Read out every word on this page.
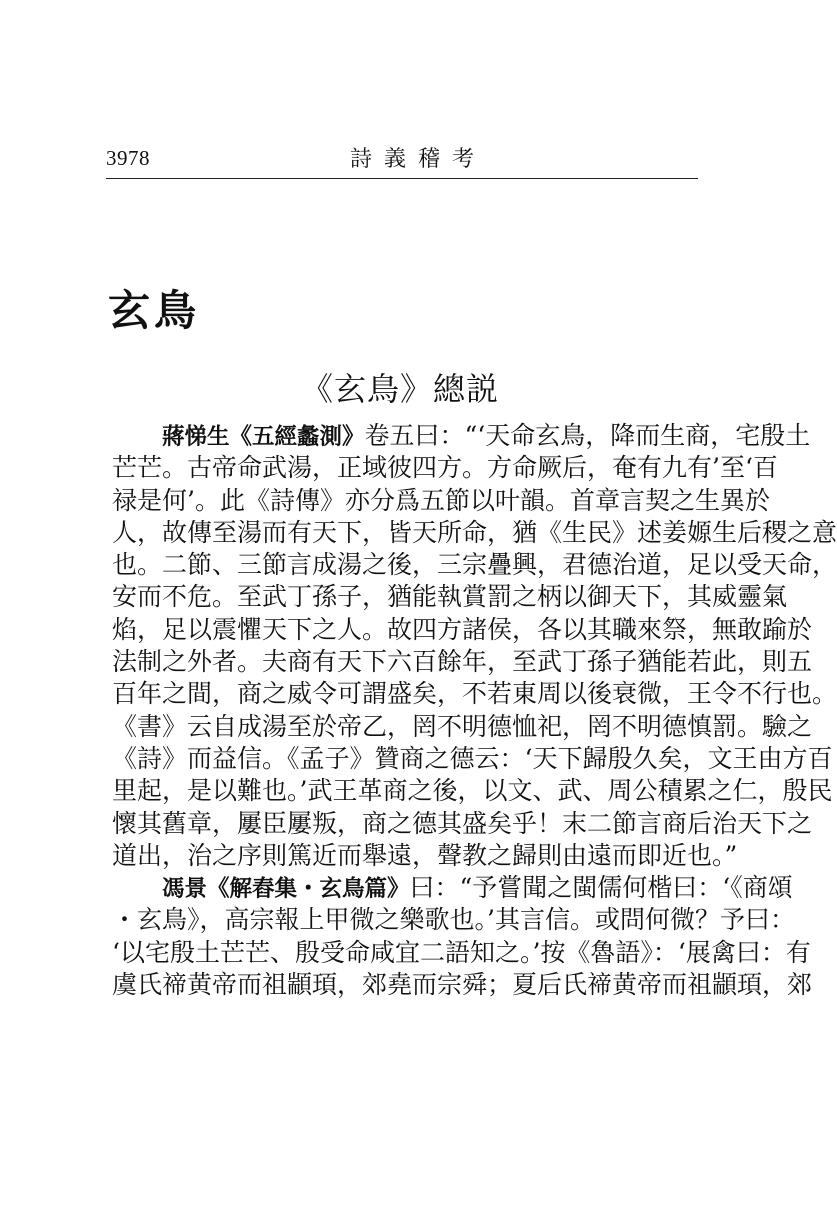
3978	詩義稽考
玄鳥
《玄鳥》總説
蔣悌生《五經蠡測》卷五曰：“‘天命玄鳥，降而生商，宅殷土
芒芒。古帝命武湯，正域彼四方。方命厥后，奄有九有’至‘百
禄是何’。此《詩傳》亦分爲五節以叶韻。首章言契之生異於
人，故傳至湯而有天下，皆天所命，猶《生民》述姜嫄生后稷之意
也。二節、三節言成湯之後，三宗疊興，君德治道，足以受天命，
安而不危。至武丁孫子，猶能執賞罰之柄以御天下，其威靈氣
焰，足以震懼天下之人。故四方諸侯，各以其職來祭，無敢踰於
法制之外者。夫商有天下六百餘年，至武丁孫子猶能若此，則五
百年之間，商之威令可謂盛矣，不若東周以後衰微，王令不行也。
《書》云自成湯至於帝乙，罔不明德恤祀，罔不明德慎罰。驗之
《詩》而益信。《孟子》贊商之德云：‘天下歸殷久矣，文王由方百
里起，是以難也。’武王革商之後，以文、武、周公積累之仁，殷民
懷其舊章，屢臣屢叛，商之德其盛矣乎！末二節言商后治天下之
道出，治之序則篤近而舉遠，聲教之歸則由遠而即近也。”
馮景《解舂集・玄鳥篇》曰：“予嘗聞之閩儒何楷曰：‘《商頌
・玄鳥》，高宗報上甲微之樂歌也。’其言信。或問何微？予曰：
‘以宅殷土芒芒、殷受命咸宜二語知之。’按《魯語》：‘展禽曰：有
虞氏禘黄帝而祖顓頊，郊堯而宗舜；夏后氏禘黄帝而祖顓頊，郊
